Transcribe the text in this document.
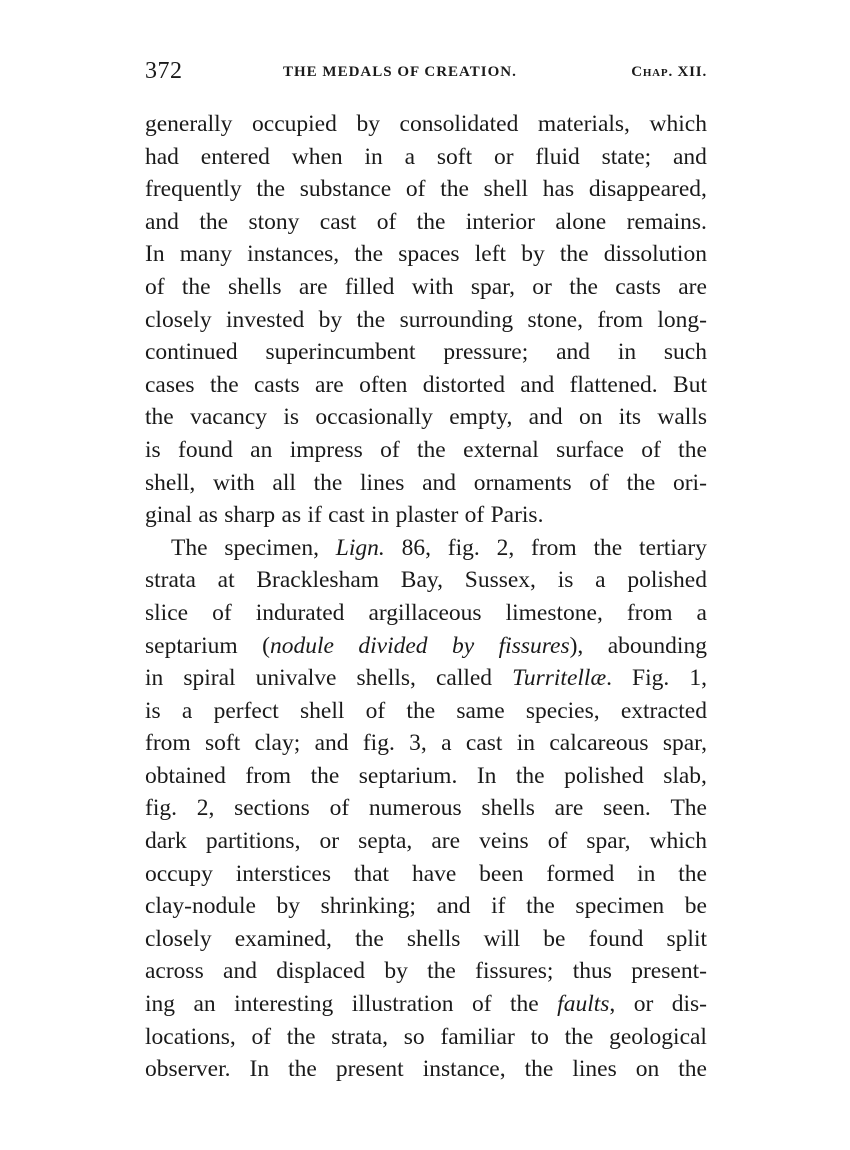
372	THE MEDALS OF CREATION.	Chap. XII.
generally occupied by consolidated materials, which
had entered when in a soft or fluid state; and
frequently the substance of the shell has disappeared,
and the stony cast of the interior alone remains.
In many instances, the spaces left by the dissolution
of the shells are filled with spar, or the casts are
closely invested by the surrounding stone, from long-
continued superincumbent pressure; and in such
cases the casts are often distorted and flattened. But
the vacancy is occasionally empty, and on its walls
is found an impress of the external surface of the
shell, with all the lines and ornaments of the ori-
ginal as sharp as if cast in plaster of Paris.
The specimen, Lign. 86, fig. 2, from the tertiary
strata at Bracklesham Bay, Sussex, is a polished
slice of indurated argillaceous limestone, from a
septarium (nodule divided by fissures), abounding
in spiral univalve shells, called Turritellæ. Fig. 1,
is a perfect shell of the same species, extracted
from soft clay; and fig. 3, a cast in calcareous spar,
obtained from the septarium. In the polished slab,
fig. 2, sections of numerous shells are seen. The
dark partitions, or septa, are veins of spar, which
occupy interstices that have been formed in the
clay-nodule by shrinking; and if the specimen be
closely examined, the shells will be found split
across and displaced by the fissures; thus present-
ing an interesting illustration of the faults, or dis-
locations, of the strata, so familiar to the geological
observer. In the present instance, the lines on the
